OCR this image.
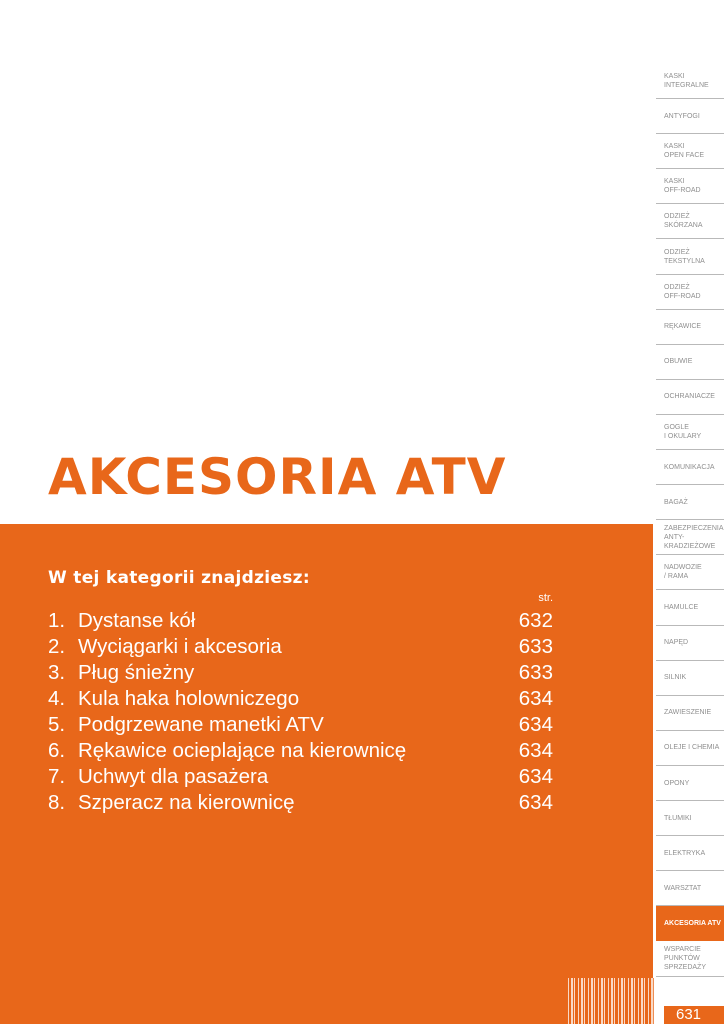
AKCESORIA ATV
W tej kategorii znajdziesz:
str.
1. Dystanse kół	632
2. Wyciągarki i akcesoria	633
3. Pług śnieżny	633
4. Kula haka holowniczego	634
5. Podgrzewane manetki ATV	634
6. Rękawice ocieplające na kierownicę	634
7. Uchwyt dla pasażera	634
8. Szperacz na kierownicę	634
KASKI
INTEGRALNE
ANTYFOGI
KASKI
OPEN FACE
KASKI
OFF-ROAD
ODZIEŻ
SKÓRZANA
ODZIEŻ
TEKSTYLNA
ODZIEŻ
OFF-ROAD
RĘKAWICE
OBUWIE
OCHRANIACZE
GOGLE
I OKULARY
KOMUNIKACJA
BAGAŻ
ZABEZPIECZENIA
ANTY-
KRADZIEŻOWE
NADWOZIE
/ RAMA
HAMULCE
NAPĘD
SILNIK
ZAWIESZENIE
OLEJE I CHEMIA
OPONY
TŁUMIKI
ELEKTRYKA
WARSZTAT
AKCESORIA ATV
WSPARCIE
PUNKTÓW
SPRZEDAŻY
631
